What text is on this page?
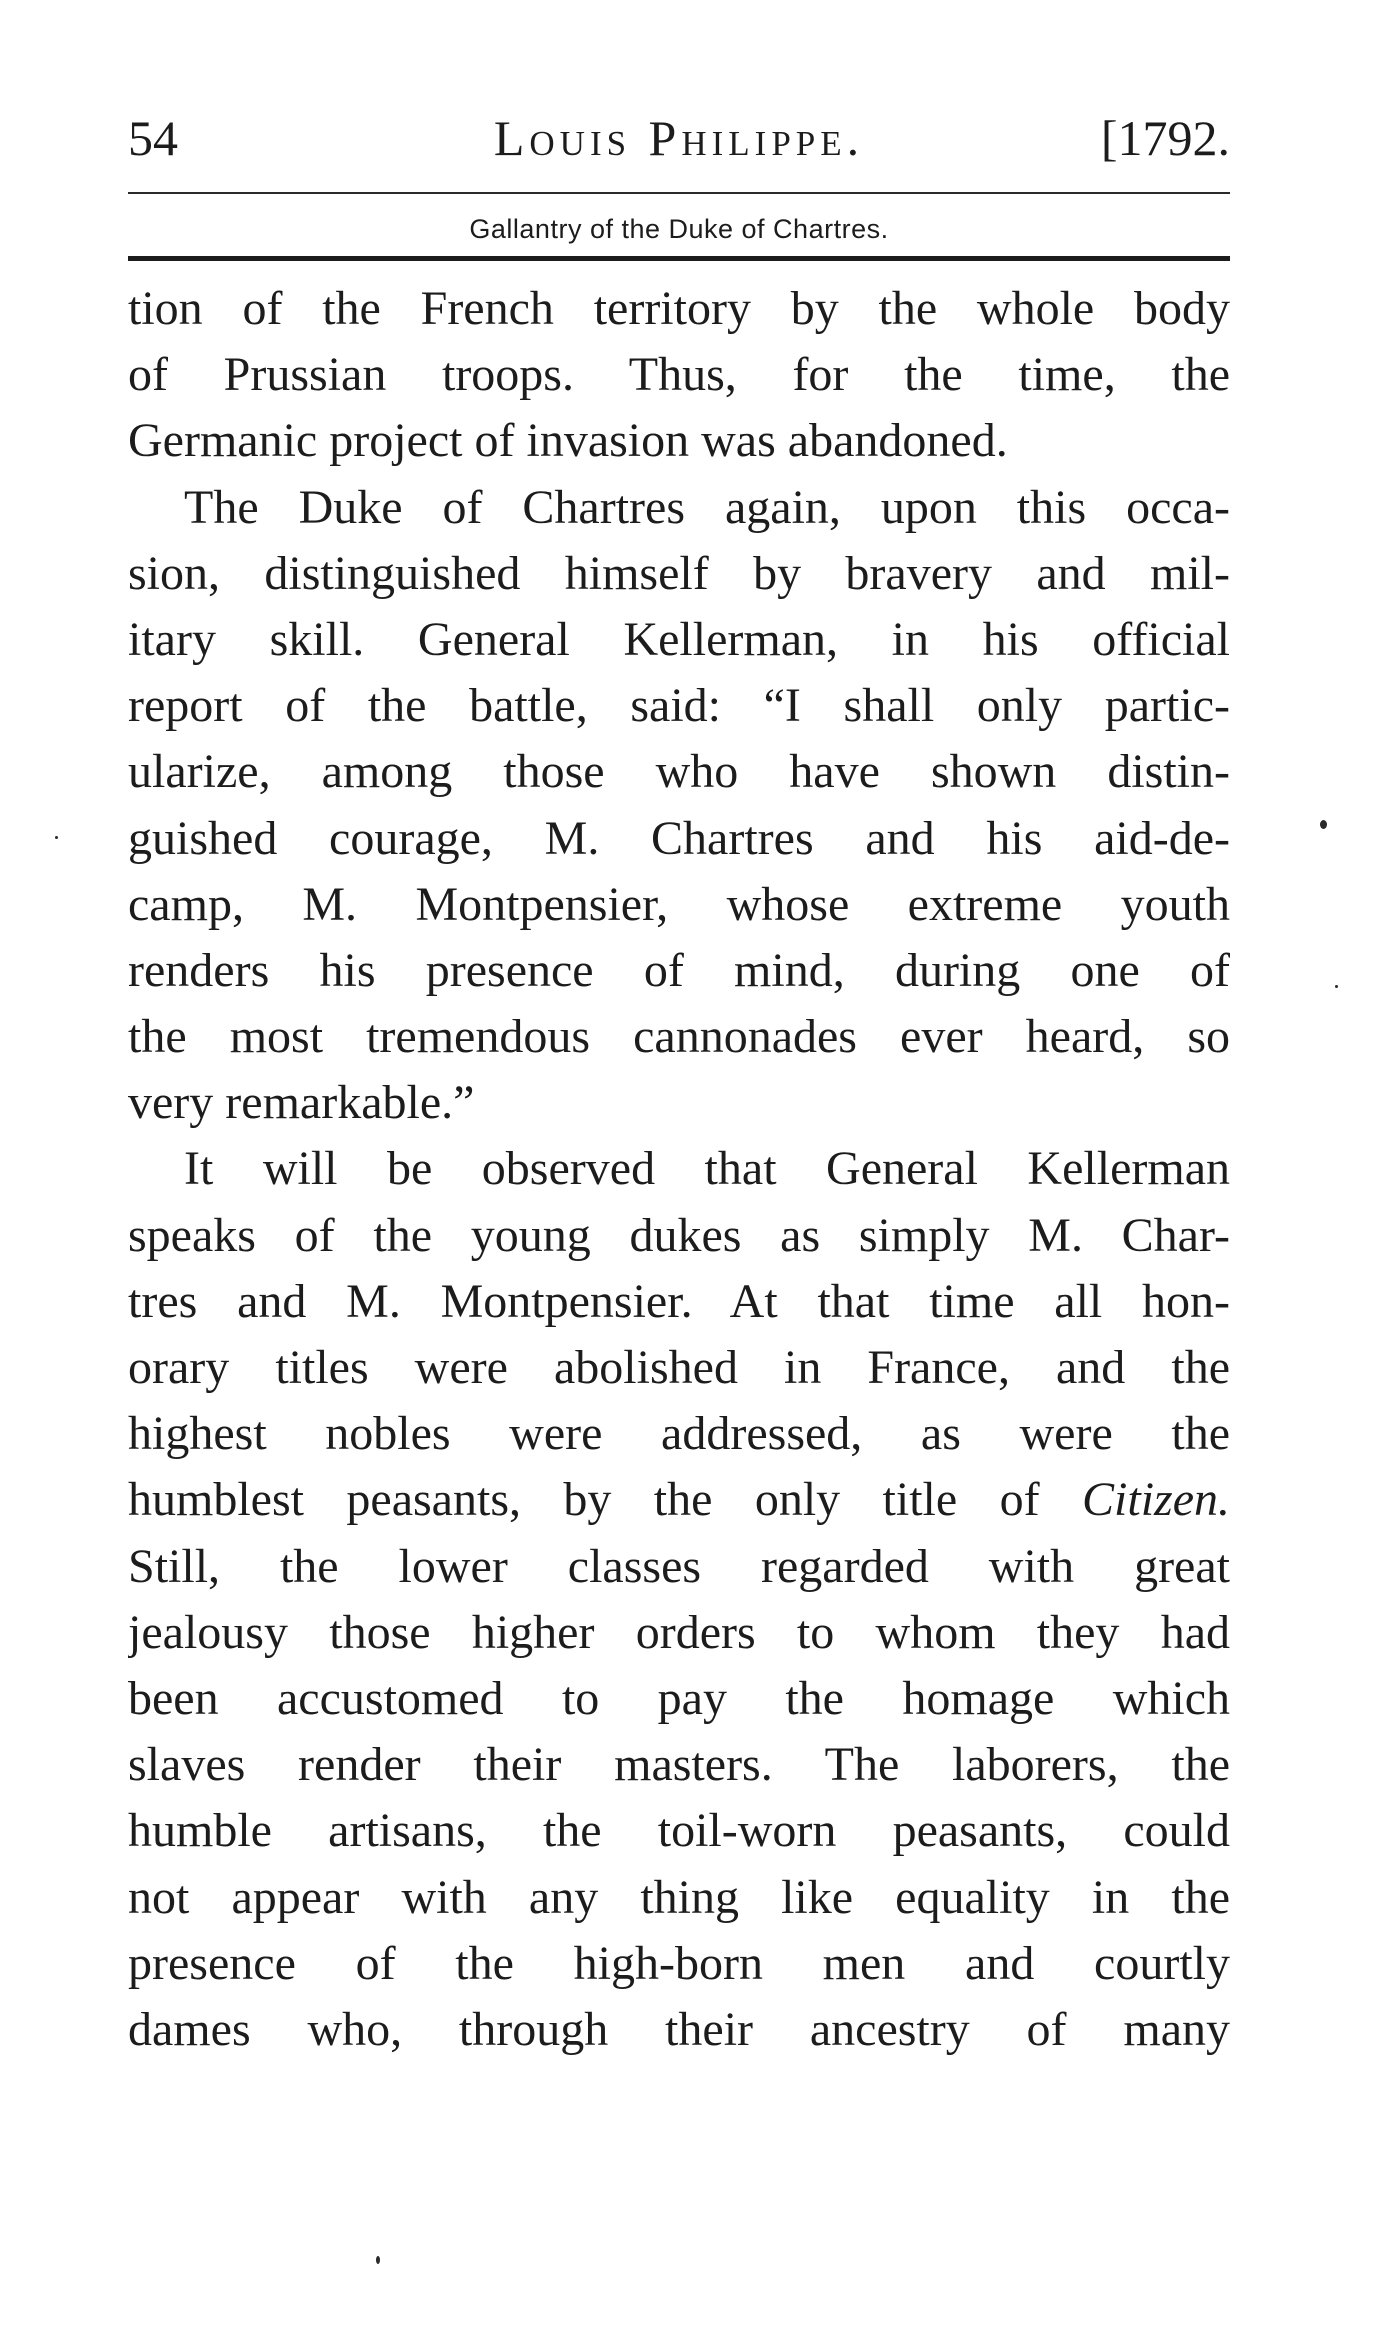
54	Louis Philippe.	[1792.
Gallantry of the Duke of Chartres.
tion of the French territory by the whole body
of Prussian troops. Thus, for the time, the
Germanic project of invasion was abandoned.
The Duke of Chartres again, upon this occa-
sion, distinguished himself by bravery and mil-
itary skill. General Kellerman, in his official
report of the battle, said: “I shall only partic-
ularize, among those who have shown distin-
guished courage, M. Chartres and his aid-de-
camp, M. Montpensier, whose extreme youth
renders his presence of mind, during one of
the most tremendous cannonades ever heard, so
very remarkable.”
It will be observed that General Kellerman
speaks of the young dukes as simply M. Char-
tres and M. Montpensier. At that time all hon-
orary titles were abolished in France, and the
highest nobles were addressed, as were the
humblest peasants, by the only title of Citizen.
Still, the lower classes regarded with great
jealousy those higher orders to whom they had
been accustomed to pay the homage which
slaves render their masters. The laborers, the
humble artisans, the toil-worn peasants, could
not appear with any thing like equality in the
presence of the high-born men and courtly
dames who, through their ancestry of many
